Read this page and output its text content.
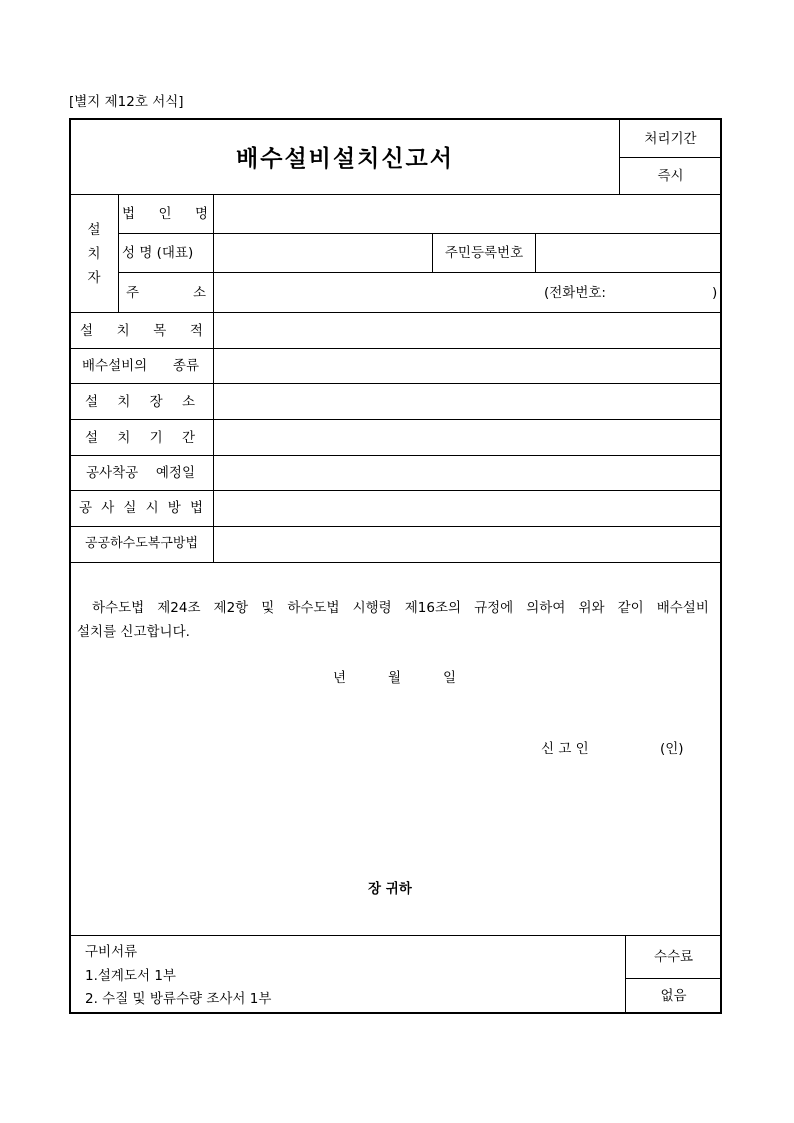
[별지 제12호 서식]
배수설비설치신고서
처리기간
즉시
설
치
자
법 인 명
성 명 (대표)	주민등록번호
주	소	(전화번호:	)
설 치 목 적
배수설비의 종류
설 치 장 소
설 치 기 간
공사착공 예정일
공 사 실 시 방 법
공공하수도복구방법
하수도법 제24조 제2항 및 하수도법 시행령 제16조의 규정에 의하여 위와 같이 배수설비
설치를 신고합니다.
년	월	일
신 고 인	(인)
장 귀하
구비서류
1.설계도서 1부
2. 수질 및 방류수량 조사서 1부
수수료
없음
